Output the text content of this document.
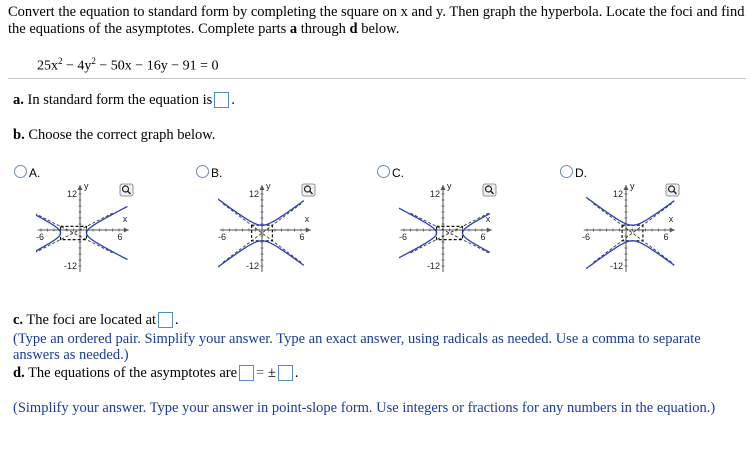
Convert the equation to standard form by completing the square on x and y. Then graph the hyperbola. Locate the foci and find the equations of the asymptotes. Complete parts a through d below.
$25x^2 - 4y^2 - 50x - 16y - 91 = 0$
a. In standard form the equation is .
b. Choose the correct graph below.
A.
y
x
12
-12
-6	6
B.
y
x
12
-12
-6	6
C.
y
x
12
-12
-6	6
D.
y
x
12
-12
-6	6
c. The foci are located at .
(Type an ordered pair. Simplify your answer. Type an exact answer, using radicals as needed. Use a comma to separate answers as needed.)
d. The equations of the asymptotes are = ± .
(Simplify your answer. Type your answer in point-slope form. Use integers or fractions for any numbers in the equation.)
